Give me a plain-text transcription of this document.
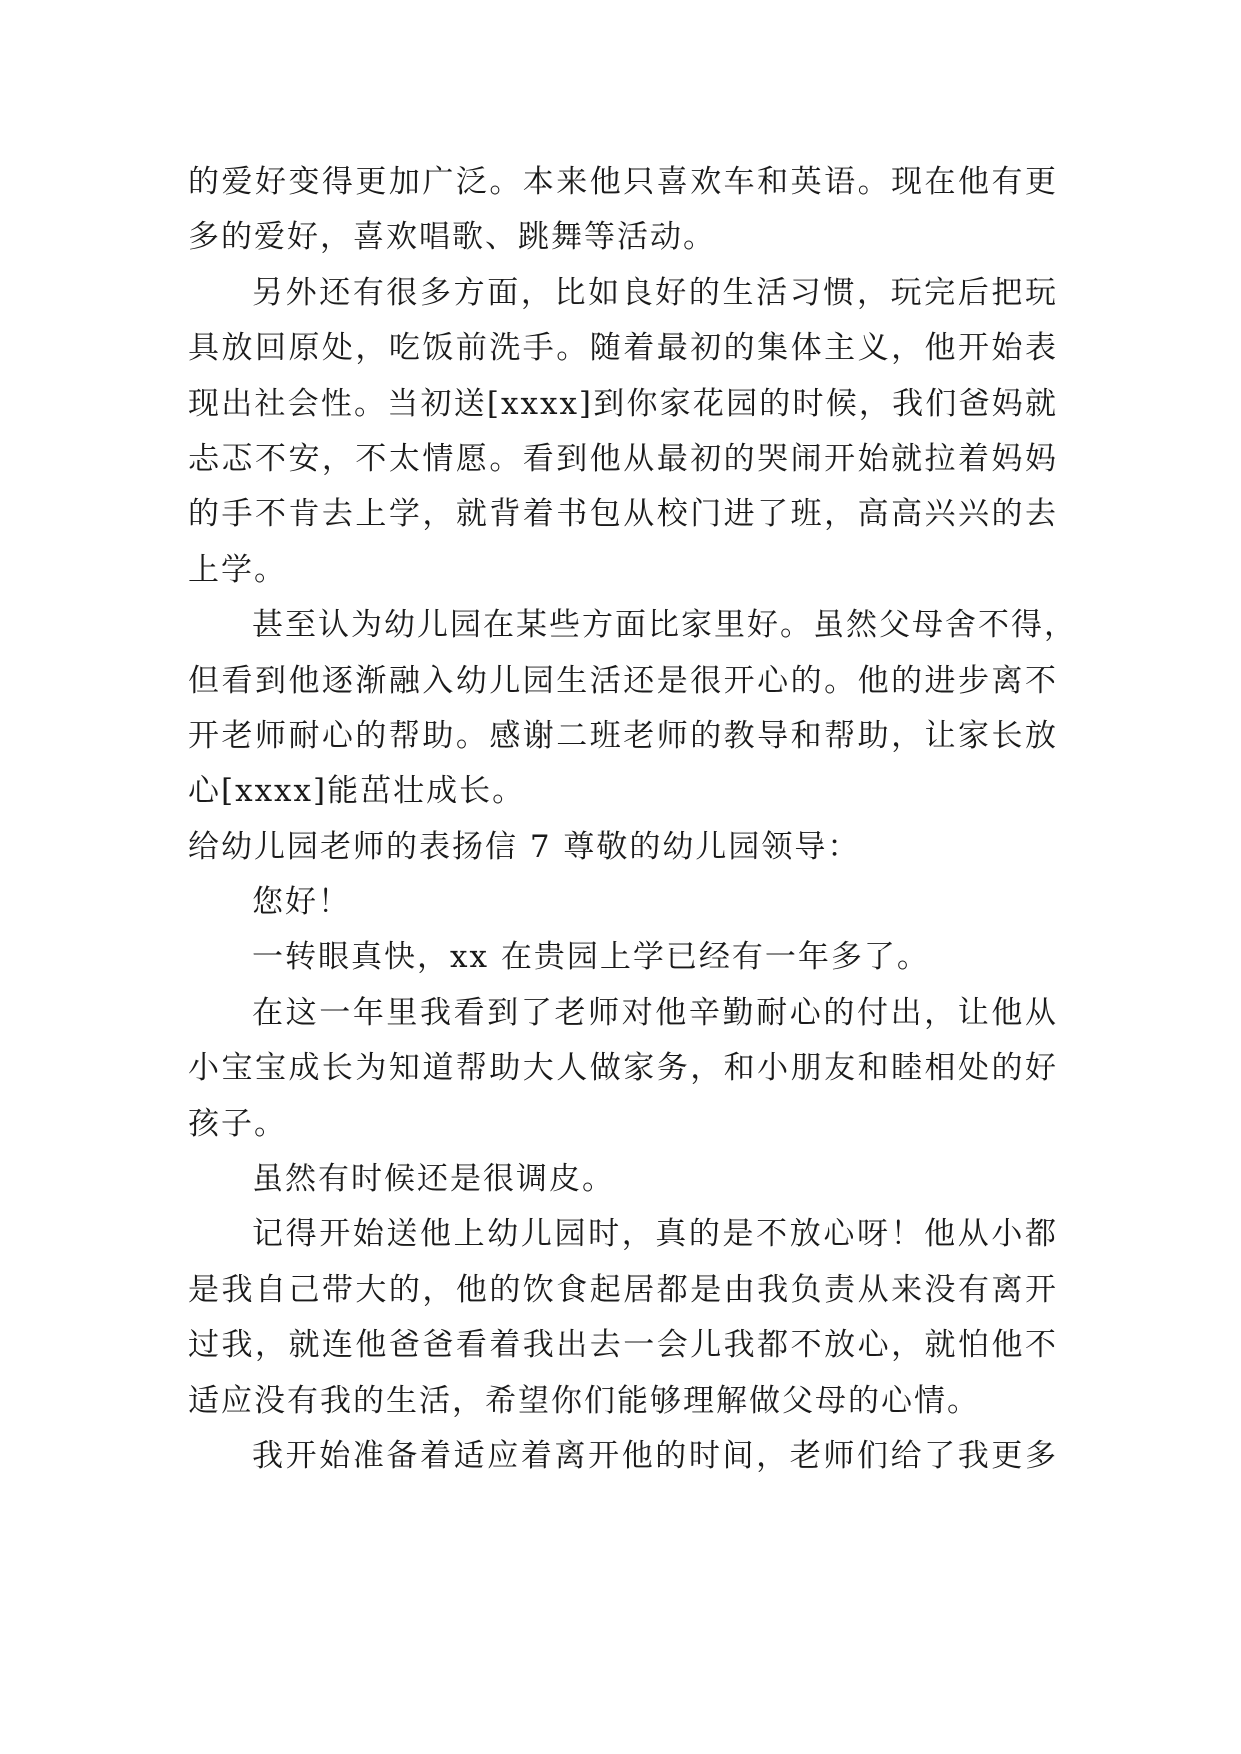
的爱好变得更加广泛。本来他只喜欢车和英语。现在他有更
多的爱好，喜欢唱歌、跳舞等活动。
另外还有很多方面，比如良好的生活习惯，玩完后把玩
具放回原处，吃饭前洗手。随着最初的集体主义，他开始表
现出社会性。当初送[xxxx]到你家花园的时候，我们爸妈就
忐忑不安，不太情愿。看到他从最初的哭闹开始就拉着妈妈
的手不肯去上学，就背着书包从校门进了班，高高兴兴的去
上学。
甚至认为幼儿园在某些方面比家里好。虽然父母舍不得，
但看到他逐渐融入幼儿园生活还是很开心的。他的进步离不
开老师耐心的帮助。感谢二班老师的教导和帮助，让家长放
心[xxxx]能茁壮成长。
给幼儿园老师的表扬信 7 尊敬的幼儿园领导：
您好！
一转眼真快，xx 在贵园上学已经有一年多了。
在这一年里我看到了老师对他辛勤耐心的付出，让他从
小宝宝成长为知道帮助大人做家务，和小朋友和睦相处的好
孩子。
虽然有时候还是很调皮。
记得开始送他上幼儿园时，真的是不放心呀！他从小都
是我自己带大的，他的饮食起居都是由我负责从来没有离开
过我，就连他爸爸看着我出去一会儿我都不放心，就怕他不
适应没有我的生活，希望你们能够理解做父母的心情。
我开始准备着适应着离开他的时间，老师们给了我更多
